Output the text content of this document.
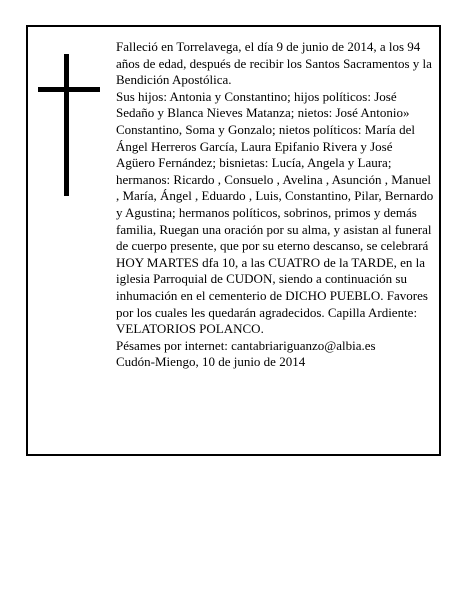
Falleció en Torrelavega, el día 9 de junio de 2014, a los 94 años de edad, después de recibir los Santos Sacramentos y la Bendición Apostólica.

Sus hijos: Antonia y Constantino; hijos políticos: José Sedaño y Blanca Nieves Matanza; nietos: José Antonio» Constantino, Soma y Gonzalo; nietos políticos: María del Ángel Herreros García, Laura Epifanio Rivera y José Agüero Fernández; bisnietas: Lucía, Angela y Laura; hermanos: Ricardo , Consuelo , Avelina , Asunción , Manuel , María, Ángel , Eduardo , Luis, Constantino, Pilar, Bernardo y Agustina; hermanos políticos, sobrinos, primos y demás familia, Ruegan una oración por su alma, y asistan al funeral de cuerpo presente, que por su eterno descanso, se celebrará HOY MARTES dfa 10, a las CUATRO de la TARDE, en la iglesia Parroquial de CUDON, siendo a continuación su inhumación en el cementerio de DICHO PUEBLO. Favores por los cuales les quedarán agradecidos. Capilla Ardiente: VELATORIOS POLANCO.

Pésames por internet: cantabriariguanzo@albia.es

Cudón-Miengo, 10 de junio de 2014
